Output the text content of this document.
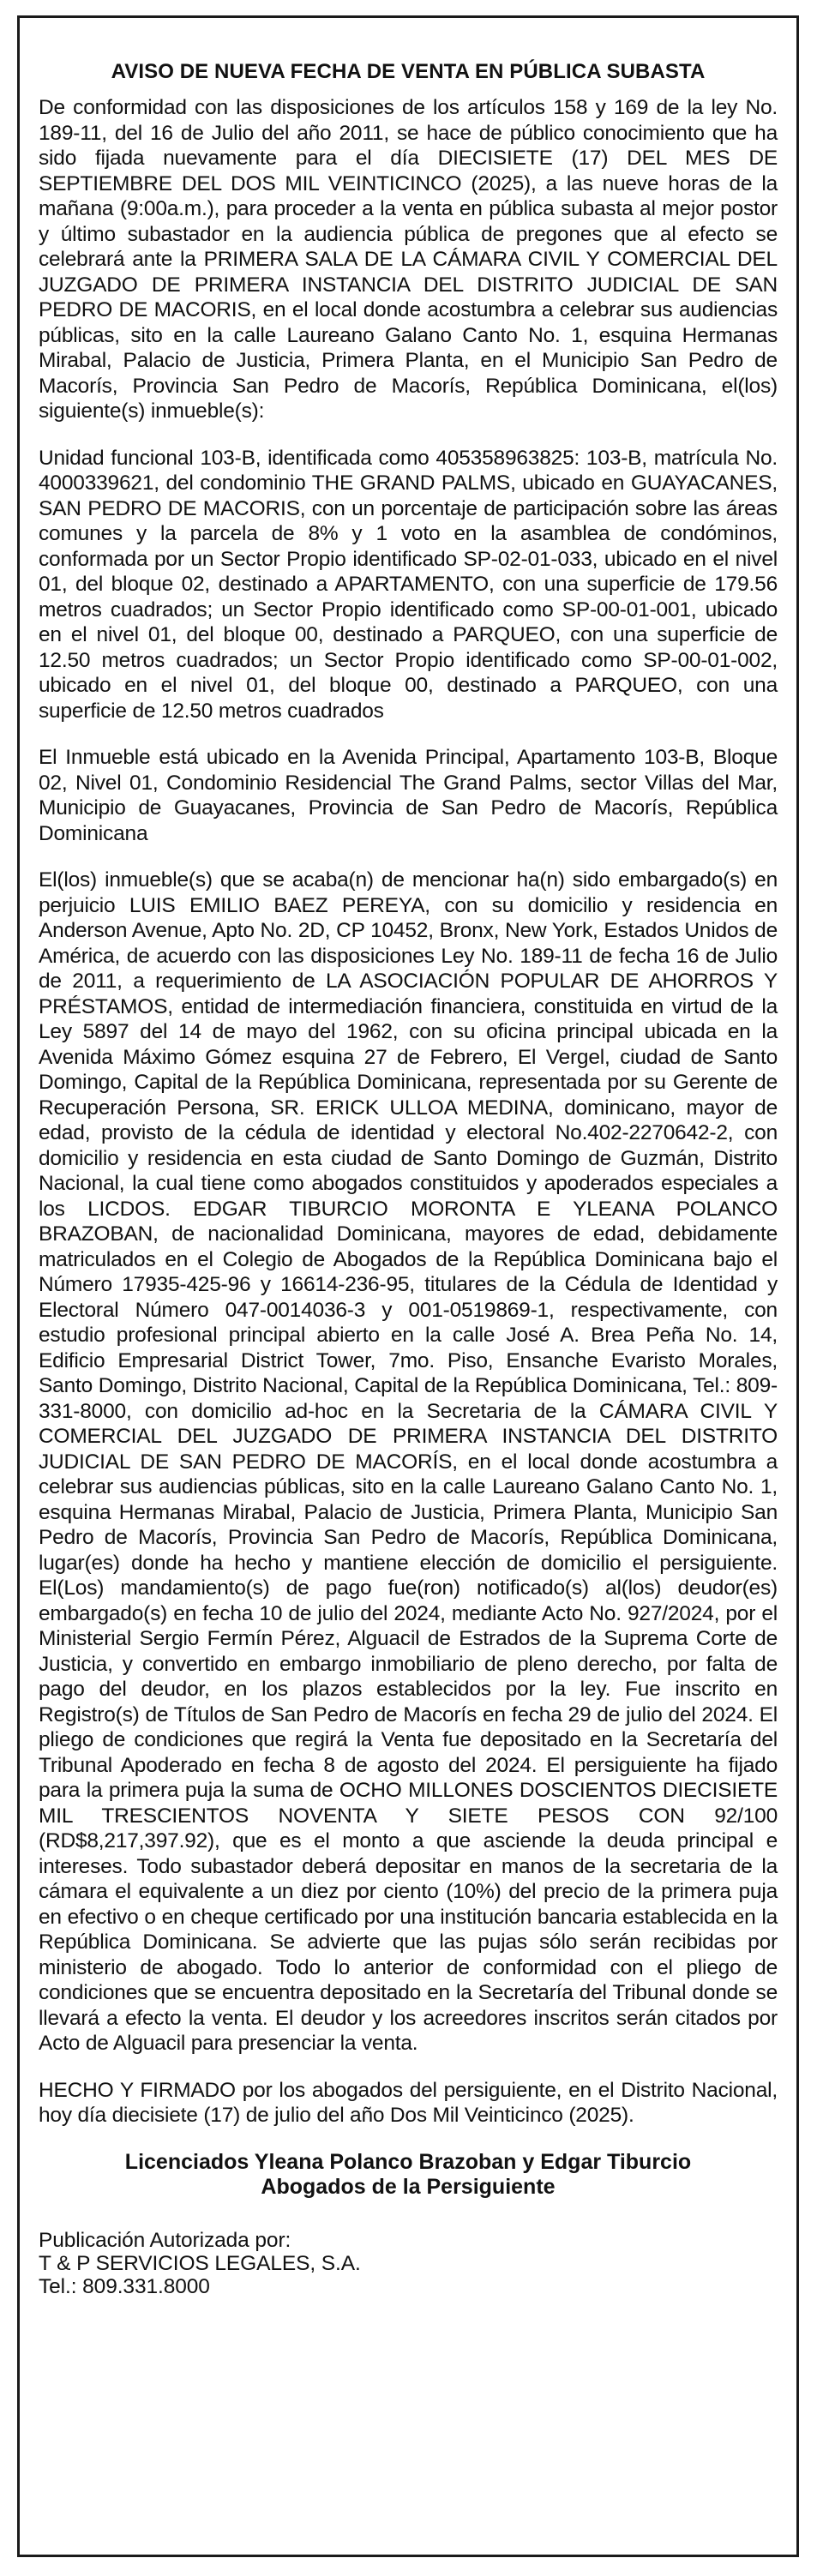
AVISO DE NUEVA FECHA DE VENTA EN PÚBLICA SUBASTA

De conformidad con las disposiciones de los artículos 158 y 169 de la ley No. 189-11, del 16 de Julio del año 2011, se hace de público conocimiento que ha sido fijada nuevamente para el día DIECISIETE (17) DEL MES DE SEPTIEMBRE DEL DOS MIL VEINTICINCO (2025), a las nueve horas de la mañana (9:00a.m.), para proceder a la venta en pública subasta al mejor postor y último subastador en la audiencia pública de pregones que al efecto se celebrará ante la PRIMERA SALA DE LA CÁMARA CIVIL Y COMERCIAL DEL JUZGADO DE PRIMERA INSTANCIA DEL DISTRITO JUDICIAL DE SAN PEDRO DE MACORIS, en el local donde acostumbra a celebrar sus audiencias públicas, sito en la calle Laureano Galano Canto No. 1, esquina Hermanas Mirabal, Palacio de Justicia, Primera Planta, en el Municipio San Pedro de Macorís, Provincia San Pedro de Macorís, República Dominicana, el(los) siguiente(s) inmueble(s):

Unidad funcional 103-B, identificada como 405358963825: 103-B, matrícula No. 4000339621, del condominio THE GRAND PALMS, ubicado en GUAYACANES, SAN PEDRO DE MACORIS, con un porcentaje de participación sobre las áreas comunes y la parcela de 8% y 1 voto en la asamblea de condóminos, conformada por un Sector Propio identificado SP-02-01-033, ubicado en el nivel 01, del bloque 02, destinado a APARTAMENTO, con una superficie de 179.56 metros cuadrados; un Sector Propio identificado como SP-00-01-001, ubicado en el nivel 01, del bloque 00, destinado a PARQUEO, con una superficie de 12.50 metros cuadrados; un Sector Propio identificado como SP-00-01-002, ubicado en el nivel 01, del bloque 00, destinado a PARQUEO, con una superficie de 12.50 metros cuadrados

El Inmueble está ubicado en la Avenida Principal, Apartamento 103-B, Bloque 02, Nivel 01, Condominio Residencial The Grand Palms, sector Villas del Mar, Municipio de Guayacanes, Provincia de San Pedro de Macorís, República Dominicana

El(los) inmueble(s) que se acaba(n) de mencionar ha(n) sido embargado(s) en perjuicio LUIS EMILIO BAEZ PEREYA, con su domicilio y residencia en Anderson Avenue, Apto No. 2D, CP 10452, Bronx, New York, Estados Unidos de América, de acuerdo con las disposiciones Ley No. 189-11 de fecha 16 de Julio de 2011, a requerimiento de LA ASOCIACIÓN POPULAR DE AHORROS Y PRÉSTAMOS, entidad de intermediación financiera, constituida en virtud de la Ley 5897 del 14 de mayo del 1962, con su oficina principal ubicada en la Avenida Máximo Gómez esquina 27 de Febrero, El Vergel, ciudad de Santo Domingo, Capital de la República Dominicana, representada por su Gerente de Recuperación Persona, SR. ERICK ULLOA MEDINA, dominicano, mayor de edad, provisto de la cédula de identidad y electoral No.402-2270642-2, con domicilio y residencia en esta ciudad de Santo Domingo de Guzmán, Distrito Nacional, la cual tiene como abogados constituidos y apoderados especiales a los LICDOS. EDGAR TIBURCIO MORONTA E YLEANA POLANCO BRAZOBAN, de nacionalidad Dominicana, mayores de edad, debidamente matriculados en el Colegio de Abogados de la República Dominicana bajo el Número 17935-425-96 y 16614-236-95, titulares de la Cédula de Identidad y Electoral Número 047-0014036-3 y 001-0519869-1, respectivamente, con estudio profesional principal abierto en la calle José A. Brea Peña No. 14, Edificio Empresarial District Tower, 7mo. Piso, Ensanche Evaristo Morales, Santo Domingo, Distrito Nacional, Capital de la República Dominicana, Tel.: 809-331-8000, con domicilio ad-hoc en la Secretaria de la CÁMARA CIVIL Y COMERCIAL DEL JUZGADO DE PRIMERA INSTANCIA DEL DISTRITO JUDICIAL DE SAN PEDRO DE MACORÍS, en el local donde acostumbra a celebrar sus audiencias públicas, sito en la calle Laureano Galano Canto No. 1, esquina Hermanas Mirabal, Palacio de Justicia, Primera Planta, Municipio San Pedro de Macorís, Provincia San Pedro de Macorís, República Dominicana, lugar(es) donde ha hecho y mantiene elección de domicilio el persiguiente. El(Los) mandamiento(s) de pago fue(ron) notificado(s) al(los) deudor(es) embargado(s) en fecha 10 de julio del 2024, mediante Acto No. 927/2024, por el Ministerial Sergio Fermín Pérez, Alguacil de Estrados de la Suprema Corte de Justicia, y convertido en embargo inmobiliario de pleno derecho, por falta de pago del deudor, en los plazos establecidos por la ley. Fue inscrito en Registro(s) de Títulos de San Pedro de Macorís en fecha 29 de julio del 2024. El pliego de condiciones que regirá la Venta fue depositado en la Secretaría del Tribunal Apoderado en fecha 8 de agosto del 2024. El persiguiente ha fijado para la primera puja la suma de OCHO MILLONES DOSCIENTOS DIECISIETE MIL TRESCIENTOS NOVENTA Y SIETE PESOS CON 92/100 (RD$8,217,397.92), que es el monto a que asciende la deuda principal e intereses. Todo subastador deberá depositar en manos de la secretaria de la cámara el equivalente a un diez por ciento (10%) del precio de la primera puja en efectivo o en cheque certificado por una institución bancaria establecida en la República Dominicana. Se advierte que las pujas sólo serán recibidas por ministerio de abogado. Todo lo anterior de conformidad con el pliego de condiciones que se encuentra depositado en la Secretaría del Tribunal donde se llevará a efecto la venta. El deudor y los acreedores inscritos serán citados por Acto de Alguacil para presenciar la venta.

HECHO Y FIRMADO por los abogados del persiguiente, en el Distrito Nacional, hoy día diecisiete (17) de julio del año Dos Mil Veinticinco (2025).

Licenciados Yleana Polanco Brazoban y Edgar Tiburcio
Abogados de la Persiguiente
Publicación Autorizada por:
T & P SERVICIOS LEGALES, S.A.
Tel.: 809.331.8000
